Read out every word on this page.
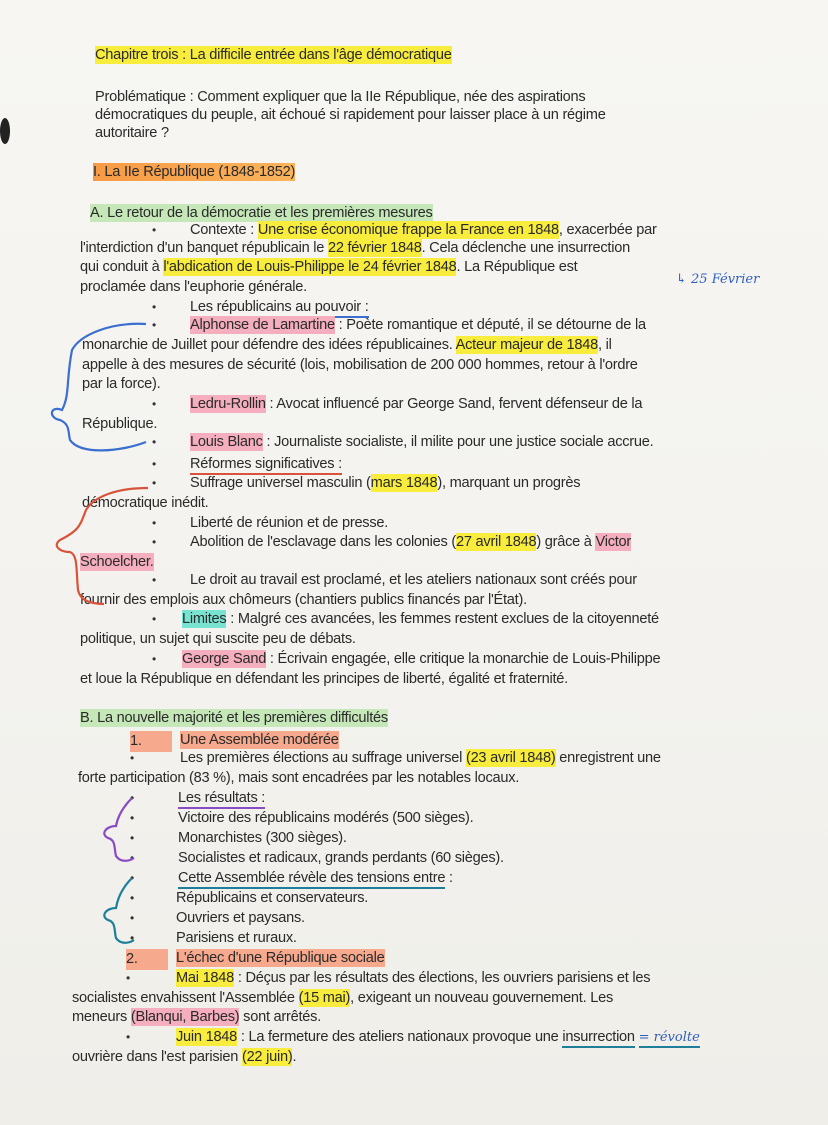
Chapitre trois : La difficile entrée dans l'âge démocratique
Problématique : Comment expliquer que la IIe République, née des aspirations
démocratiques du peuple, ait échoué si rapidement pour laisser place à un régime
autoritaire ?
I. La IIe République (1848-1852)
A. Le retour de la démocratie et les premières mesures
• Contexte : Une crise économique frappe la France en 1848, exacerbée par
l'interdiction d'un banquet républicain le 22 février 1848. Cela déclenche une insurrection
qui conduit à l'abdication de Louis-Philippe le 24 février 1848. La République est
proclamée dans l'euphorie générale.
• Les républicains au pouvoir :
• Alphonse de Lamartine : Poète romantique et député, il se détourne de la
monarchie de Juillet pour défendre des idées républicaines. Acteur majeur de 1848, il
appelle à des mesures de sécurité (lois, mobilisation de 200 000 hommes, retour à l'ordre
par la force).
• Ledru-Rollin : Avocat influencé par George Sand, fervent défenseur de la
République.
• Louis Blanc : Journaliste socialiste, il milite pour une justice sociale accrue.
• Réformes significatives :
• Suffrage universel masculin (mars 1848), marquant un progrès
démocratique inédit.
• Liberté de réunion et de presse.
• Abolition de l'esclavage dans les colonies (27 avril 1848) grâce à Victor
Schoelcher.
• Le droit au travail est proclamé, et les ateliers nationaux sont créés pour
fournir des emplois aux chômeurs (chantiers publics financés par l'État).
• Limites : Malgré ces avancées, les femmes restent exclues de la citoyenneté
politique, un sujet qui suscite peu de débats.
• George Sand : Écrivain engagée, elle critique la monarchie de Louis-Philippe
et loue la République en défendant les principes de liberté, égalité et fraternité.
B. La nouvelle majorité et les premières difficultés
1.	Une Assemblée modérée
•	Les premières élections au suffrage universel (23 avril 1848) enregistrent une
forte participation (83 %), mais sont encadrées par les notables locaux.
•	Les résultats :
•	Victoire des républicains modérés (500 sièges).
•	Monarchistes (300 sièges).
•	Socialistes et radicaux, grands perdants (60 sièges).
•	Cette Assemblée révèle des tensions entre :
•	Républicains et conservateurs.
•	Ouvriers et paysans.
•	Parisiens et ruraux.
2.	L'échec d'une République sociale
•	Mai 1848 : Déçus par les résultats des élections, les ouvriers parisiens et les
socialistes envahissent l'Assemblée (15 mai), exigeant un nouveau gouvernement. Les
meneurs (Blanqui, Barbes) sont arrêtés.
•	Juin 1848 : La fermeture des ateliers nationaux provoque une insurrection = révolte
ouvrière dans l'est parisien (22 juin).
↳ 25 Février
